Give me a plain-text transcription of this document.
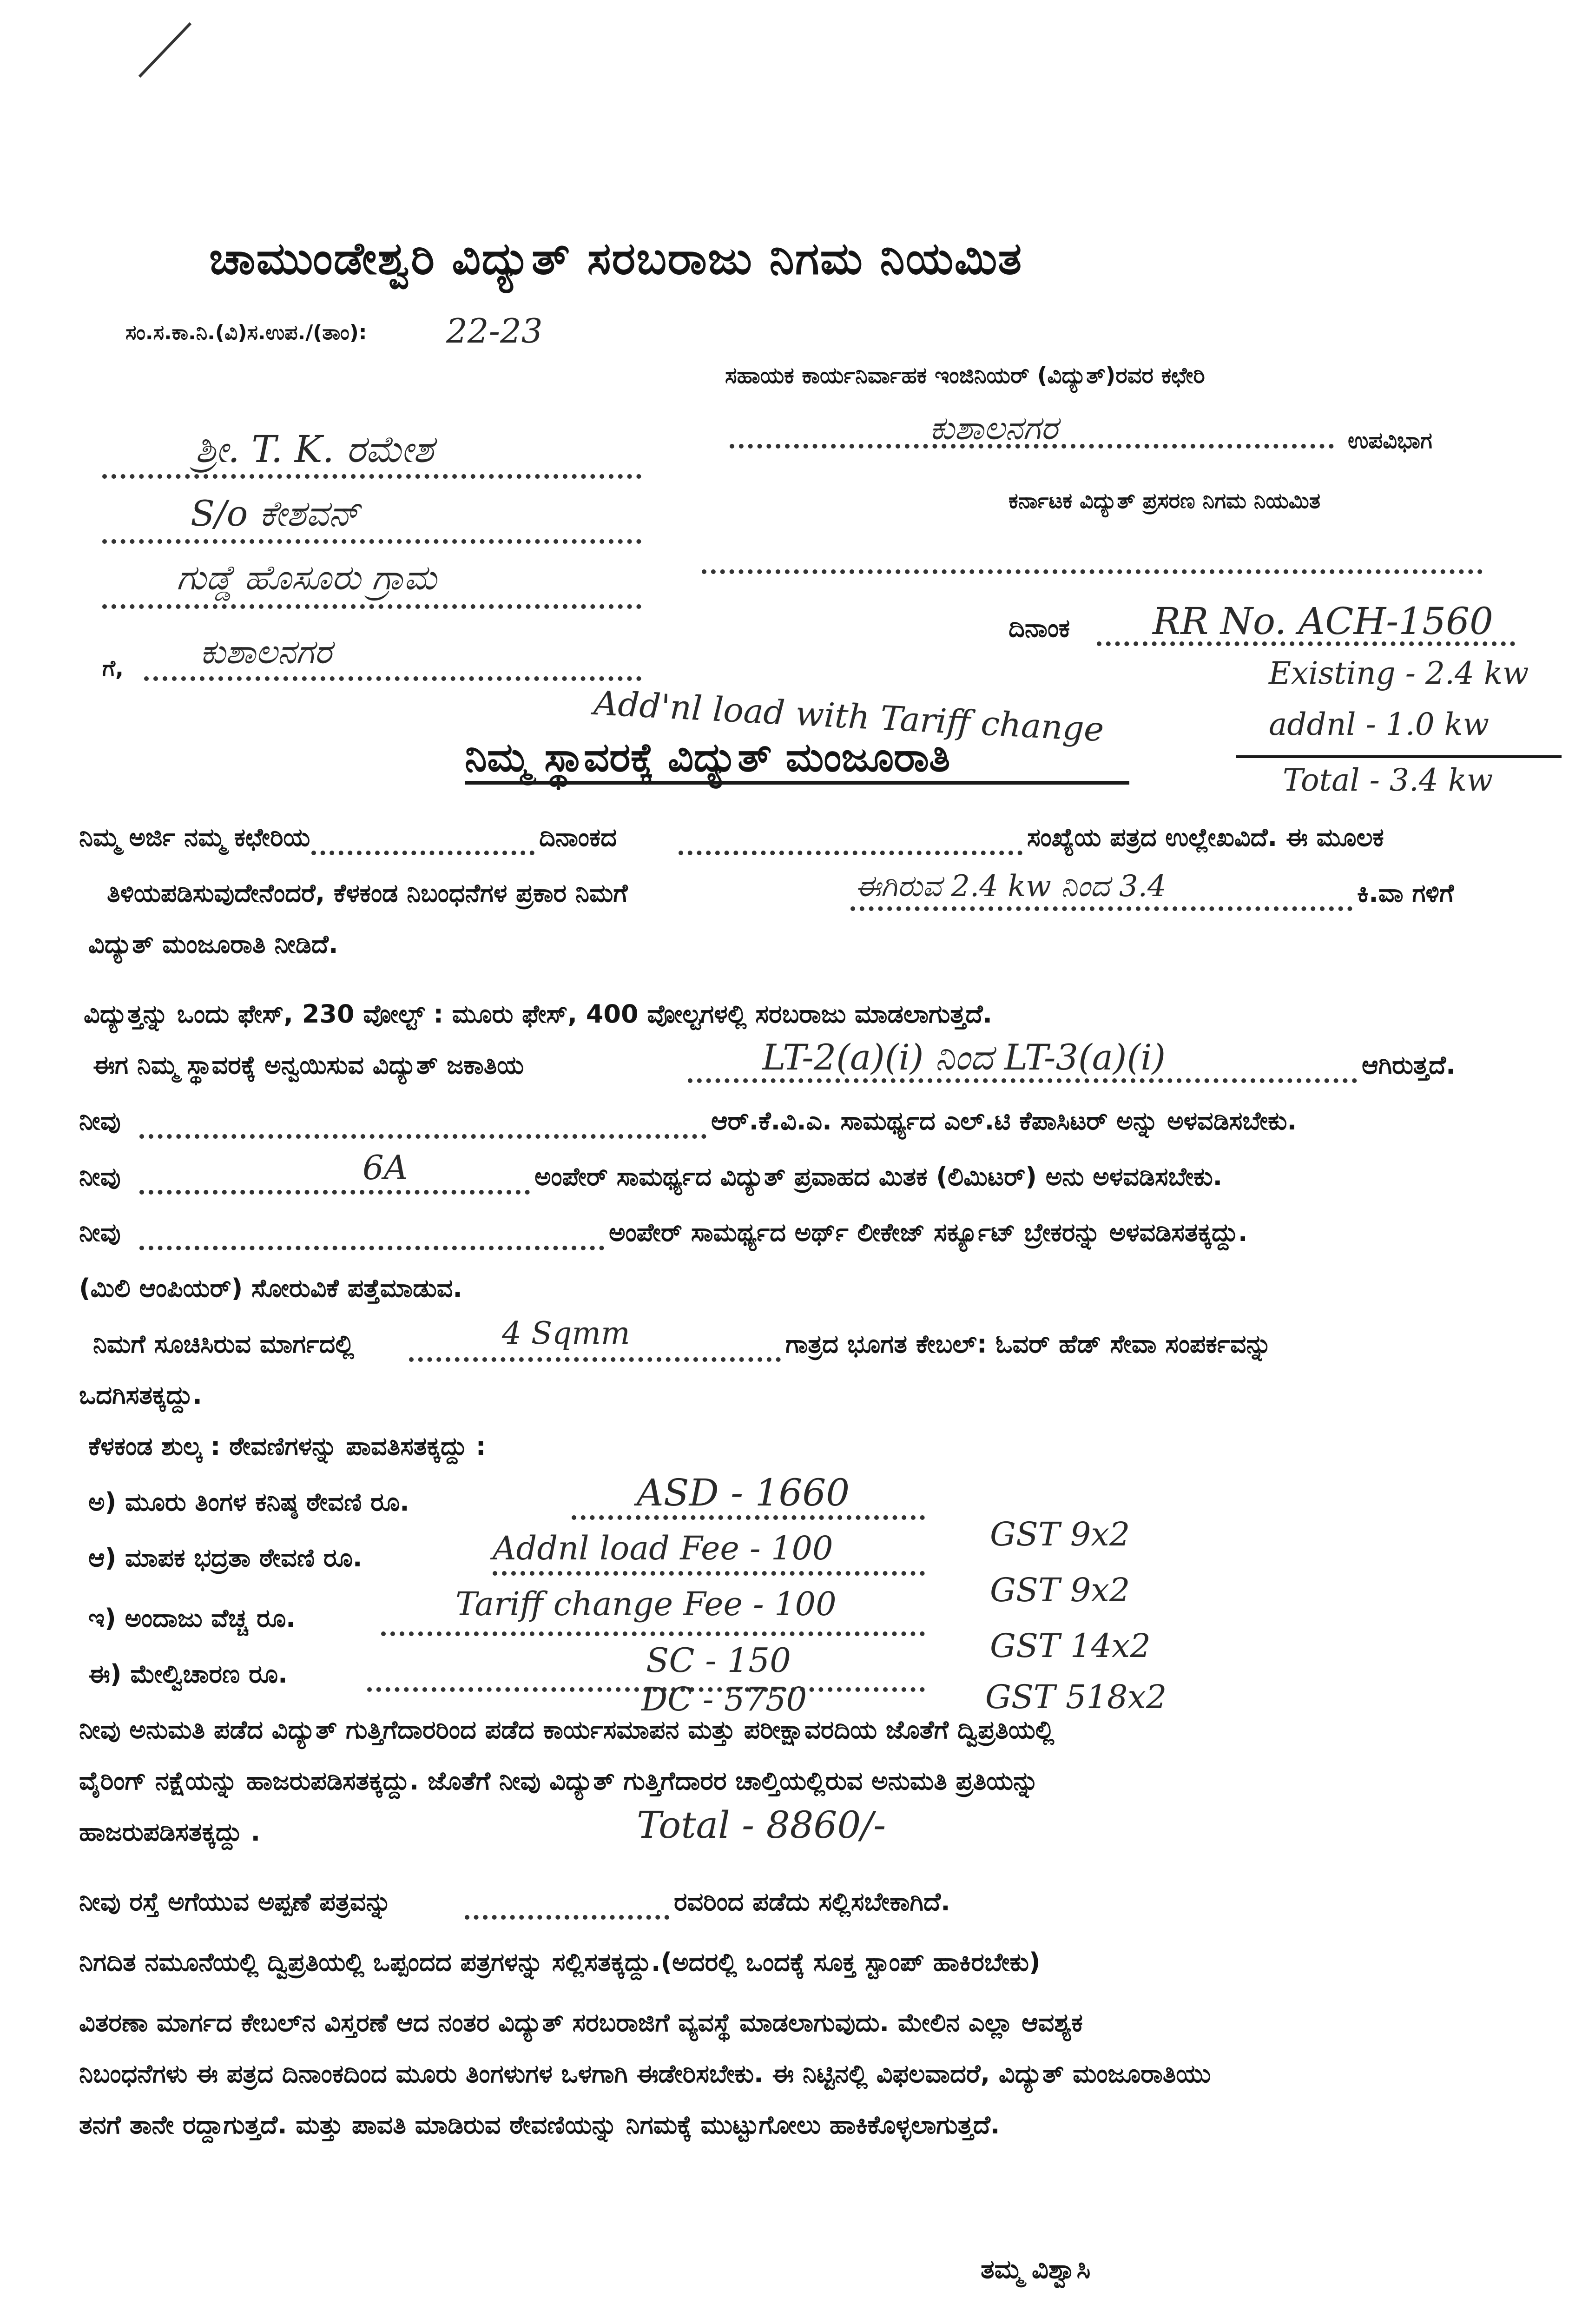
ಚಾಮುಂಡೇಶ್ವರಿ ವಿದ್ಯುತ್ ಸರಬರಾಜು ನಿಗಮ ನಿಯಮಿತ
ಸಂ.ಸ.ಕಾ.ನಿ.(ವಿ)ಸ.ಉಪ./(ತಾಂ): 22-23
ಸಹಾಯಕ ಕಾರ್ಯನಿರ್ವಾಹಕ ಇಂಜಿನಿಯರ್ (ವಿದ್ಯುತ್)ರವರ ಕಛೇರಿ
ಕುಶಾಲನಗರ	ಉಪವಿಭಾಗ
ಕರ್ನಾಟಕ ವಿದ್ಯುತ್ ಪ್ರಸರಣ ನಿಗಮ ನಿಯಮಿತ
ಶ್ರೀ. T. K. ರಮೇಶ
S/o ಕೇಶವನ್
ಗುಡ್ಡೆ ಹೊಸೂರು ಗ್ರಾಮ
ಗೆ, ಕುಶಾಲನಗರ
ದಿನಾಂಕ RR No. ACH-1560
Add'nl load with Tariff change
ನಿಮ್ಮ ಸ್ಥಾವರಕ್ಕೆ ವಿದ್ಯುತ್ ಮಂಜೂರಾತಿ
Existing - 2.4 kw
addnl - 1.0 kw
Total - 3.4 kw
ನಿಮ್ಮ ಅರ್ಜಿ ನಮ್ಮ ಕಛೇರಿಯ	ದಿನಾಂಕದ	ಸಂಖ್ಯೆಯ ಪತ್ರದ ಉಲ್ಲೇಖವಿದೆ. ಈ ಮೂಲಕ
ತಿಳಿಯಪಡಿಸುವುದೇನೆಂದರೆ, ಕೆಳಕಂಡ ನಿಬಂಧನೆಗಳ ಪ್ರಕಾರ ನಿಮಗೆ	ಈಗಿರುವ 2.4 kw ನಿಂದ 3.4	ಕಿ.ವಾ ಗಳಿಗೆ
ವಿದ್ಯುತ್ ಮಂಜೂರಾತಿ ನೀಡಿದೆ.
ವಿದ್ಯುತ್ತನ್ನು ಒಂದು ಫೇಸ್, 230 ವೋಲ್ಟ್ : ಮೂರು ಫೇಸ್, 400 ವೋಲ್ಟಗಳಲ್ಲಿ ಸರಬರಾಜು ಮಾಡಲಾಗುತ್ತದೆ.
ಈಗ ನಿಮ್ಮ ಸ್ಥಾವರಕ್ಕೆ ಅನ್ವಯಿಸುವ ವಿದ್ಯುತ್ ಜಕಾತಿಯ	LT-2(a)(i) ನಿಂದ LT-3(a)(i)	ಆಗಿರುತ್ತದೆ.
ನೀವು	ಆರ್.ಕೆ.ವಿ.ಎ. ಸಾಮರ್ಥ್ಯದ ಎಲ್.ಟಿ ಕೆಪಾಸಿಟರ್ ಅನ್ನು ಅಳವಡಿಸಬೇಕು.
ನೀವು	6A	ಅಂಪೇರ್ ಸಾಮರ್ಥ್ಯದ ವಿದ್ಯುತ್ ಪ್ರವಾಹದ ಮಿತಕ (ಲಿಮಿಟರ್) ಅನು ಅಳವಡಿಸಬೇಕು.
ನೀವು	ಅಂಪೇರ್ ಸಾಮರ್ಥ್ಯದ ಅರ್ಥ್ ಲೀಕೇಜ್ ಸರ್ಕ್ಯೂಟ್ ಬ್ರೇಕರನ್ನು ಅಳವಡಿಸತಕ್ಕದ್ದು.
(ಮಿಲಿ ಆಂಪಿಯರ್) ಸೋರುವಿಕೆ ಪತ್ತೆಮಾಡುವ.
ನಿಮಗೆ ಸೂಚಿಸಿರುವ ಮಾರ್ಗದಲ್ಲಿ	4 Sqmm	ಗಾತ್ರದ ಭೂಗತ ಕೇಬಲ್: ಓವರ್ ಹೆಡ್ ಸೇವಾ ಸಂಪರ್ಕವನ್ನು
ಒದಗಿಸತಕ್ಕದ್ದು.
ಕೆಳಕಂಡ ಶುಲ್ಕ : ಠೇವಣಿಗಳನ್ನು ಪಾವತಿಸತಕ್ಕದ್ದು :
ಅ) ಮೂರು ತಿಂಗಳ ಕನಿಷ್ಠ ಠೇವಣಿ ರೂ.	ASD - 1660
ಆ) ಮಾಪಕ ಭದ್ರತಾ ಠೇವಣಿ ರೂ.	Addnl load Fee - 100	GST 9x2
ಇ) ಅಂದಾಜು ವೆಚ್ಚ ರೂ.	Tariff change Fee - 100	GST 9x2
ಈ) ಮೇಲ್ವಿಚಾರಣ ರೂ.	SC - 150	GST 14x2
DC - 5750	GST 518x2
ನೀವು ಅನುಮತಿ ಪಡೆದ ವಿದ್ಯುತ್ ಗುತ್ತಿಗೆದಾರರಿಂದ ಪಡೆದ ಕಾರ್ಯಸಮಾಪನ ಮತ್ತು ಪರೀಕ್ಷಾವರದಿಯ ಜೊತೆಗೆ ದ್ವಿಪ್ರತಿಯಲ್ಲಿ
ವೈರಿಂಗ್ ನಕ್ಷೆಯನ್ನು ಹಾಜರುಪಡಿಸತಕ್ಕದ್ದು. ಜೊತೆಗೆ ನೀವು ವಿದ್ಯುತ್ ಗುತ್ತಿಗೆದಾರರ ಚಾಲ್ತಿಯಲ್ಲಿರುವ ಅನುಮತಿ ಪ್ರತಿಯನ್ನು
ಹಾಜರುಪಡಿಸತಕ್ಕದ್ದು .	Total - 8860/-
ನೀವು ರಸ್ತೆ ಅಗೆಯುವ ಅಪ್ಪಣೆ ಪತ್ರವನ್ನು	ರವರಿಂದ ಪಡೆದು ಸಲ್ಲಿಸಬೇಕಾಗಿದೆ.
ನಿಗದಿತ ನಮೂನೆಯಲ್ಲಿ ದ್ವಿಪ್ರತಿಯಲ್ಲಿ ಒಪ್ಪಂದದ ಪತ್ರಗಳನ್ನು ಸಲ್ಲಿಸತಕ್ಕದ್ದು.(ಅದರಲ್ಲಿ ಒಂದಕ್ಕೆ ಸೂಕ್ತ ಸ್ಟಾಂಪ್ ಹಾಕಿರಬೇಕು)
ವಿತರಣಾ ಮಾರ್ಗದ ಕೇಬಲ್‌ನ ವಿಸ್ತರಣೆ ಆದ ನಂತರ ವಿದ್ಯುತ್ ಸರಬರಾಜಿಗೆ ವ್ಯವಸ್ಥೆ ಮಾಡಲಾಗುವುದು. ಮೇಲಿನ ಎಲ್ಲಾ ಆವಶ್ಯಕ
ನಿಬಂಧನೆಗಳು ಈ ಪತ್ರದ ದಿನಾಂಕದಿಂದ ಮೂರು ತಿಂಗಳುಗಳ ಒಳಗಾಗಿ ಈಡೇರಿಸಬೇಕು. ಈ ನಿಟ್ಟಿನಲ್ಲಿ ವಿಫಲವಾದರೆ, ವಿದ್ಯುತ್ ಮಂಜೂರಾತಿಯು
ತನಗೆ ತಾನೇ ರದ್ದಾಗುತ್ತದೆ. ಮತ್ತು ಪಾವತಿ ಮಾಡಿರುವ ಠೇವಣಿಯನ್ನು ನಿಗಮಕ್ಕೆ ಮುಟ್ಟುಗೋಲು ಹಾಕಿಕೊಳ್ಳಲಾಗುತ್ತದೆ.
ತಮ್ಮ ವಿಶ್ವಾಸಿ
